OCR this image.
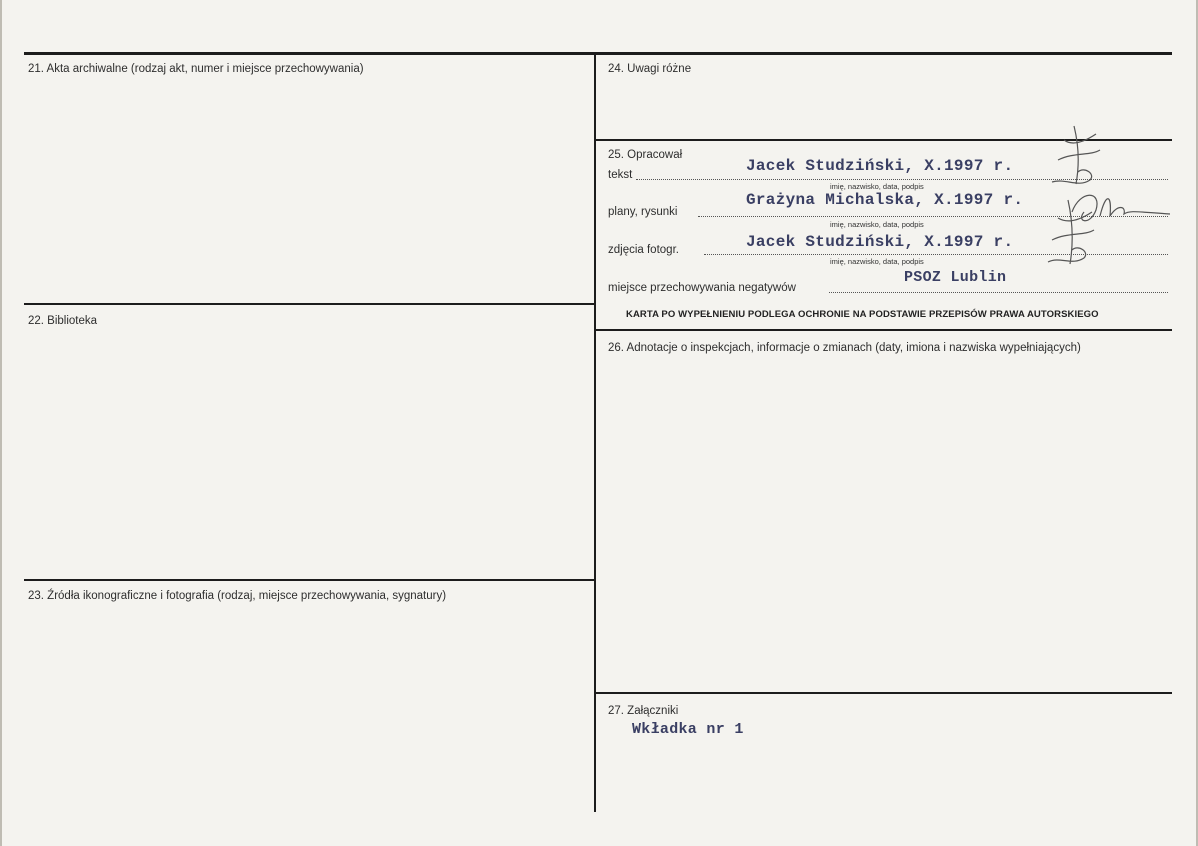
21. Akta archiwalne (rodzaj akt, numer i miejsce przechowywania)
22. Biblioteka
23. Źródła ikonograficzne i fotografia (rodzaj, miejsce przechowywania, sygnatury)
24. Uwagi różne
25. Opracował
tekst	Jacek Studziński, X.1997 r.
imię, nazwisko, data, podpis
plany, rysunki
Grażyna Michalska, X.1997 r.
imię, nazwisko, data, podpis
zdjęcia fotogr.	Jacek Studziński, X.1997 r.
imię, nazwisko, data, podpis
miejsce przechowywania negatywów
PSOZ Lublin
KARTA PO WYPEŁNIENIU PODLEGA OCHRONIE NA PODSTAWIE PRZEPISÓW PRAWA AUTORSKIEGO
26. Adnotacje o inspekcjach, informacje o zmianach (daty, imiona i nazwiska wypełniających)
27. Załączniki
Wkładka nr 1
